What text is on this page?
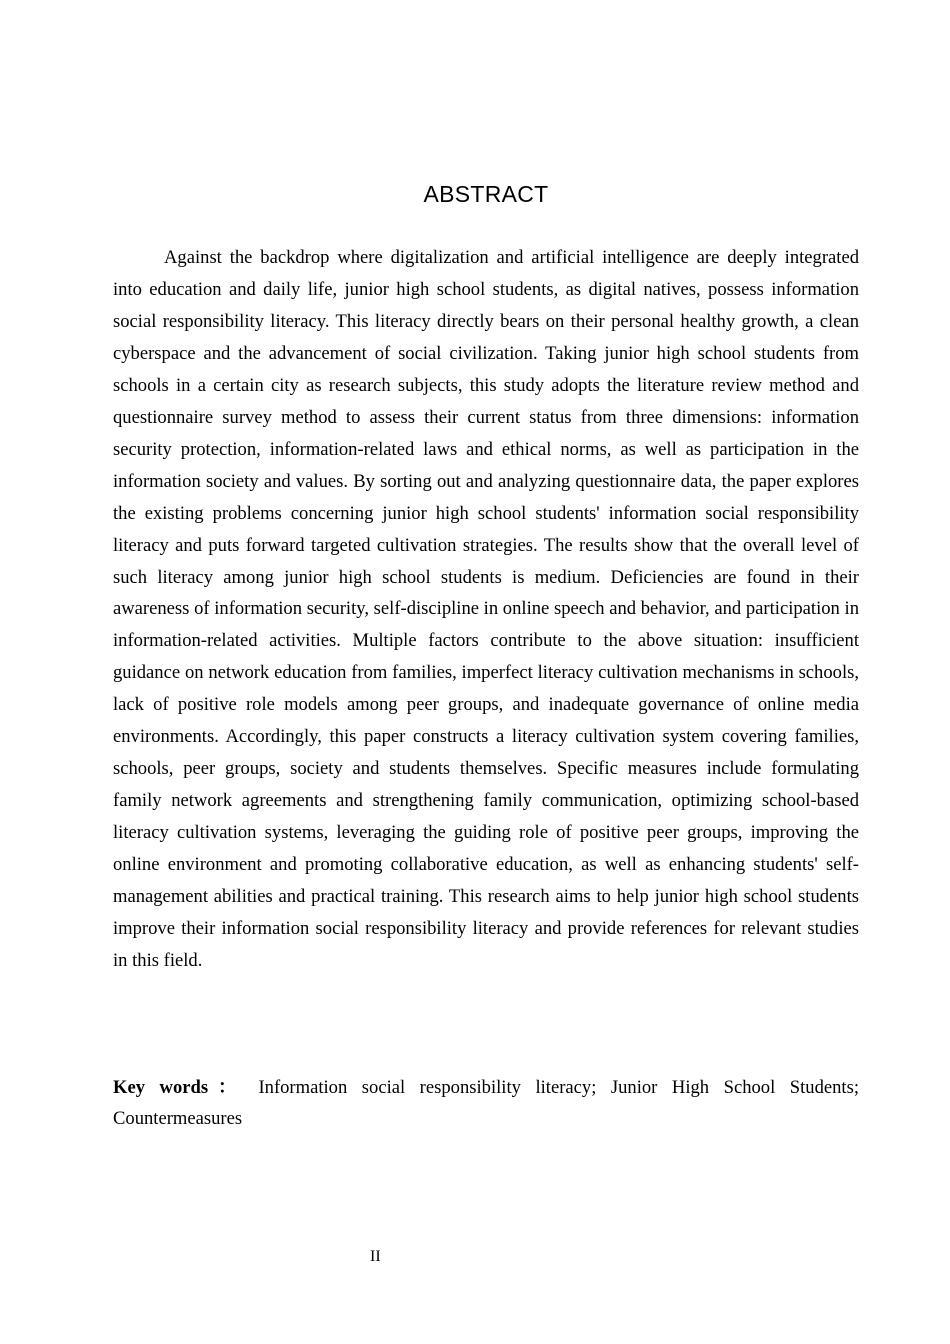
ABSTRACT

Against the backdrop where digitalization and artificial intelligence are deeply integrated into education and daily life, junior high school students, as digital natives, possess information social responsibility literacy. This literacy directly bears on their personal healthy growth, a clean cyberspace and the advancement of social civilization. Taking junior high school students from schools in a certain city as research subjects, this study adopts the literature review method and questionnaire survey method to assess their current status from three dimensions: information security protection, information-related laws and ethical norms, as well as participation in the information society and values. By sorting out and analyzing questionnaire data, the paper explores the existing problems concerning junior high school students' information social responsibility literacy and puts forward targeted cultivation strategies. The results show that the overall level of such literacy among junior high school students is medium. Deficiencies are found in their awareness of information security, self-discipline in online speech and behavior, and participation in information-related activities. Multiple factors contribute to the above situation: insufficient guidance on network education from families, imperfect literacy cultivation mechanisms in schools, lack of positive role models among peer groups, and inadequate governance of online media environments. Accordingly, this paper constructs a literacy cultivation system covering families, schools, peer groups, society and students themselves. Specific measures include formulating family network agreements and strengthening family communication, optimizing school-based literacy cultivation systems, leveraging the guiding role of positive peer groups, improving the online environment and promoting collaborative education, as well as enhancing students' self-management abilities and practical training. This research aims to help junior high school students improve their information social responsibility literacy and provide references for relevant studies in this field.

Key words： Information social responsibility literacy; Junior High School Students; Countermeasures

II
